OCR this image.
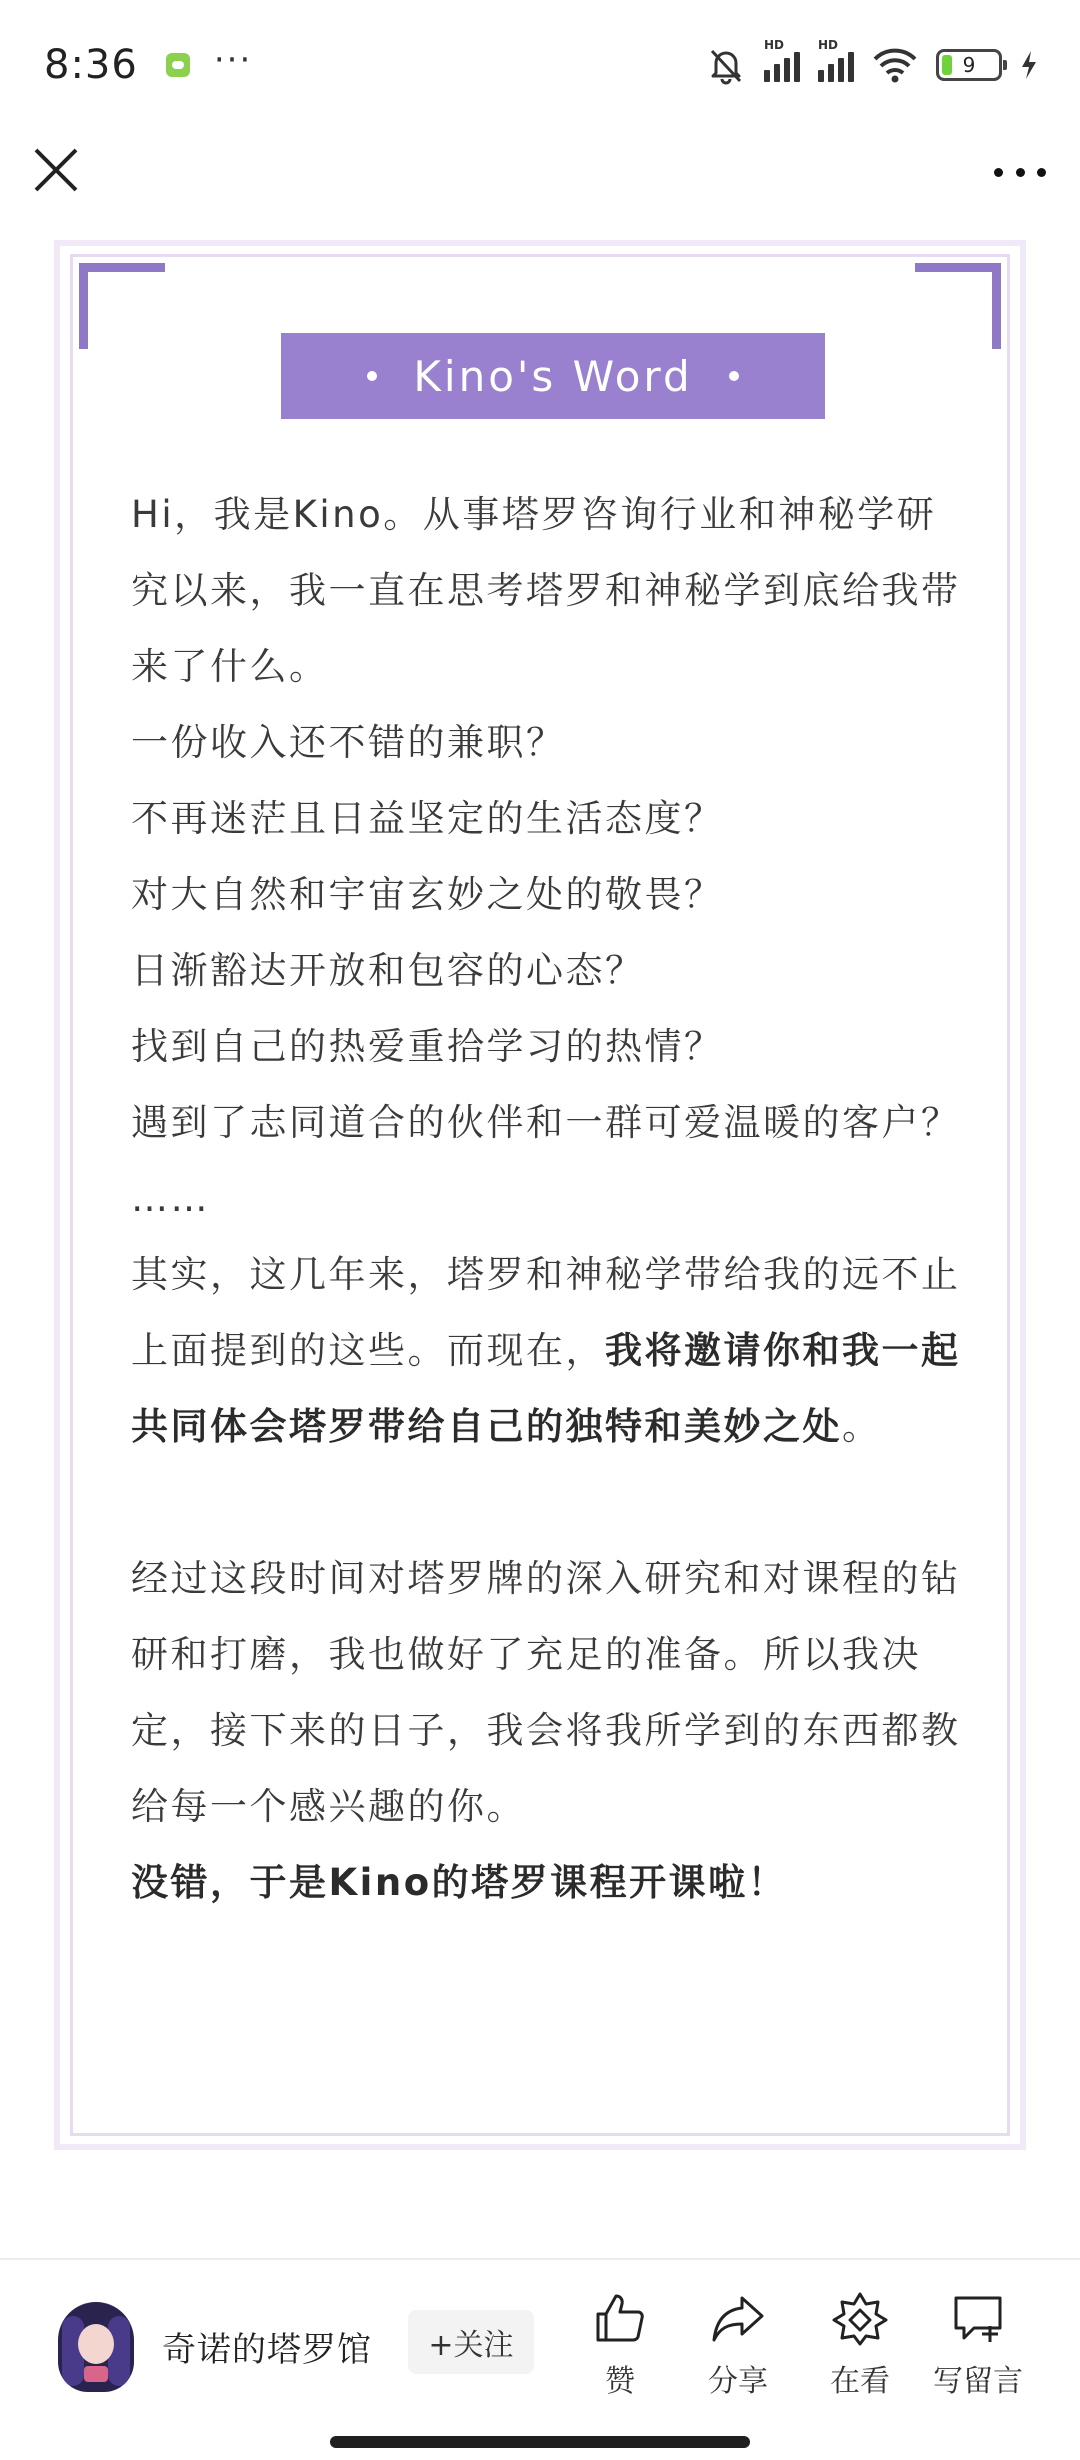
8:36 ···	HD	HD
9
Kino's Word

Hi，我是Kino。从事塔罗咨询行业和神秘学研究以来，我一直在思考塔罗和神秘学到底给我带来了什么。

一份收入还不错的兼职？

不再迷茫且日益坚定的生活态度？

对大自然和宇宙玄妙之处的敬畏？

日渐豁达开放和包容的心态？

找到自己的热爱重拾学习的热情？

遇到了志同道合的伙伴和一群可爱温暖的客户？

……

其实，这几年来，塔罗和神秘学带给我的远不止上面提到的这些。而现在，我将邀请你和我一起共同体会塔罗带给自己的独特和美妙之处。

经过这段时间对塔罗牌的深入研究和对课程的钻研和打磨，我也做好了充足的准备。所以我决定，接下来的日子，我会将我所学到的东西都教给每一个感兴趣的你。

没错，于是Kino的塔罗课程开课啦！

奇诺的塔罗馆	+关注
赞 分享 在看 写留言
